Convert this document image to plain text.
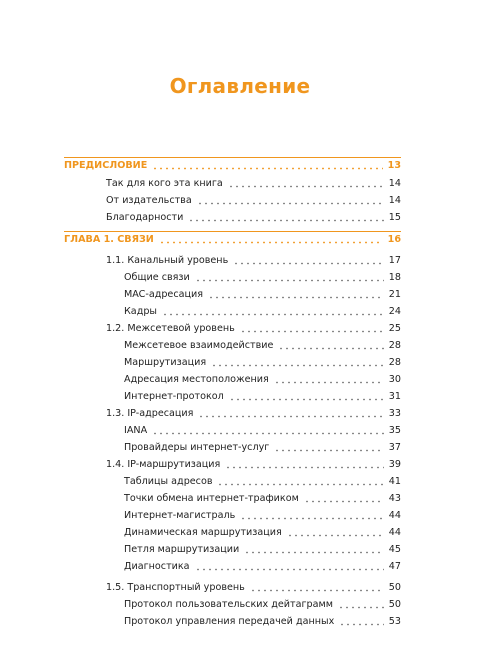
Оглавление
ПРЕДИСЛОВИЕ	13
Так для кого эта книга	14
От издательства	14
Благодарности	15
ГЛАВА 1. СВЯЗИ	16
1.1. Канальный уровень	17
Общие связи	18
MAC-адресация	21
Кадры	24
1.2. Межсетевой уровень	25
Межсетевое взаимодействие	28
Маршрутизация	28
Адресация местоположения	30
Интернет-протокол	31
1.3. IP-адресация	33
IANA	35
Провайдеры интернет-услуг	37
1.4. IP-маршрутизация	39
Таблицы адресов	41
Точки обмена интернет-трафиком	43
Интернет-магистраль	44
Динамическая маршрутизация	44
Петля маршрутизации	45
Диагностика	47
1.5. Транспортный уровень	50
Протокол пользовательских дейтаграмм	50
Протокол управления передачей данных	53
